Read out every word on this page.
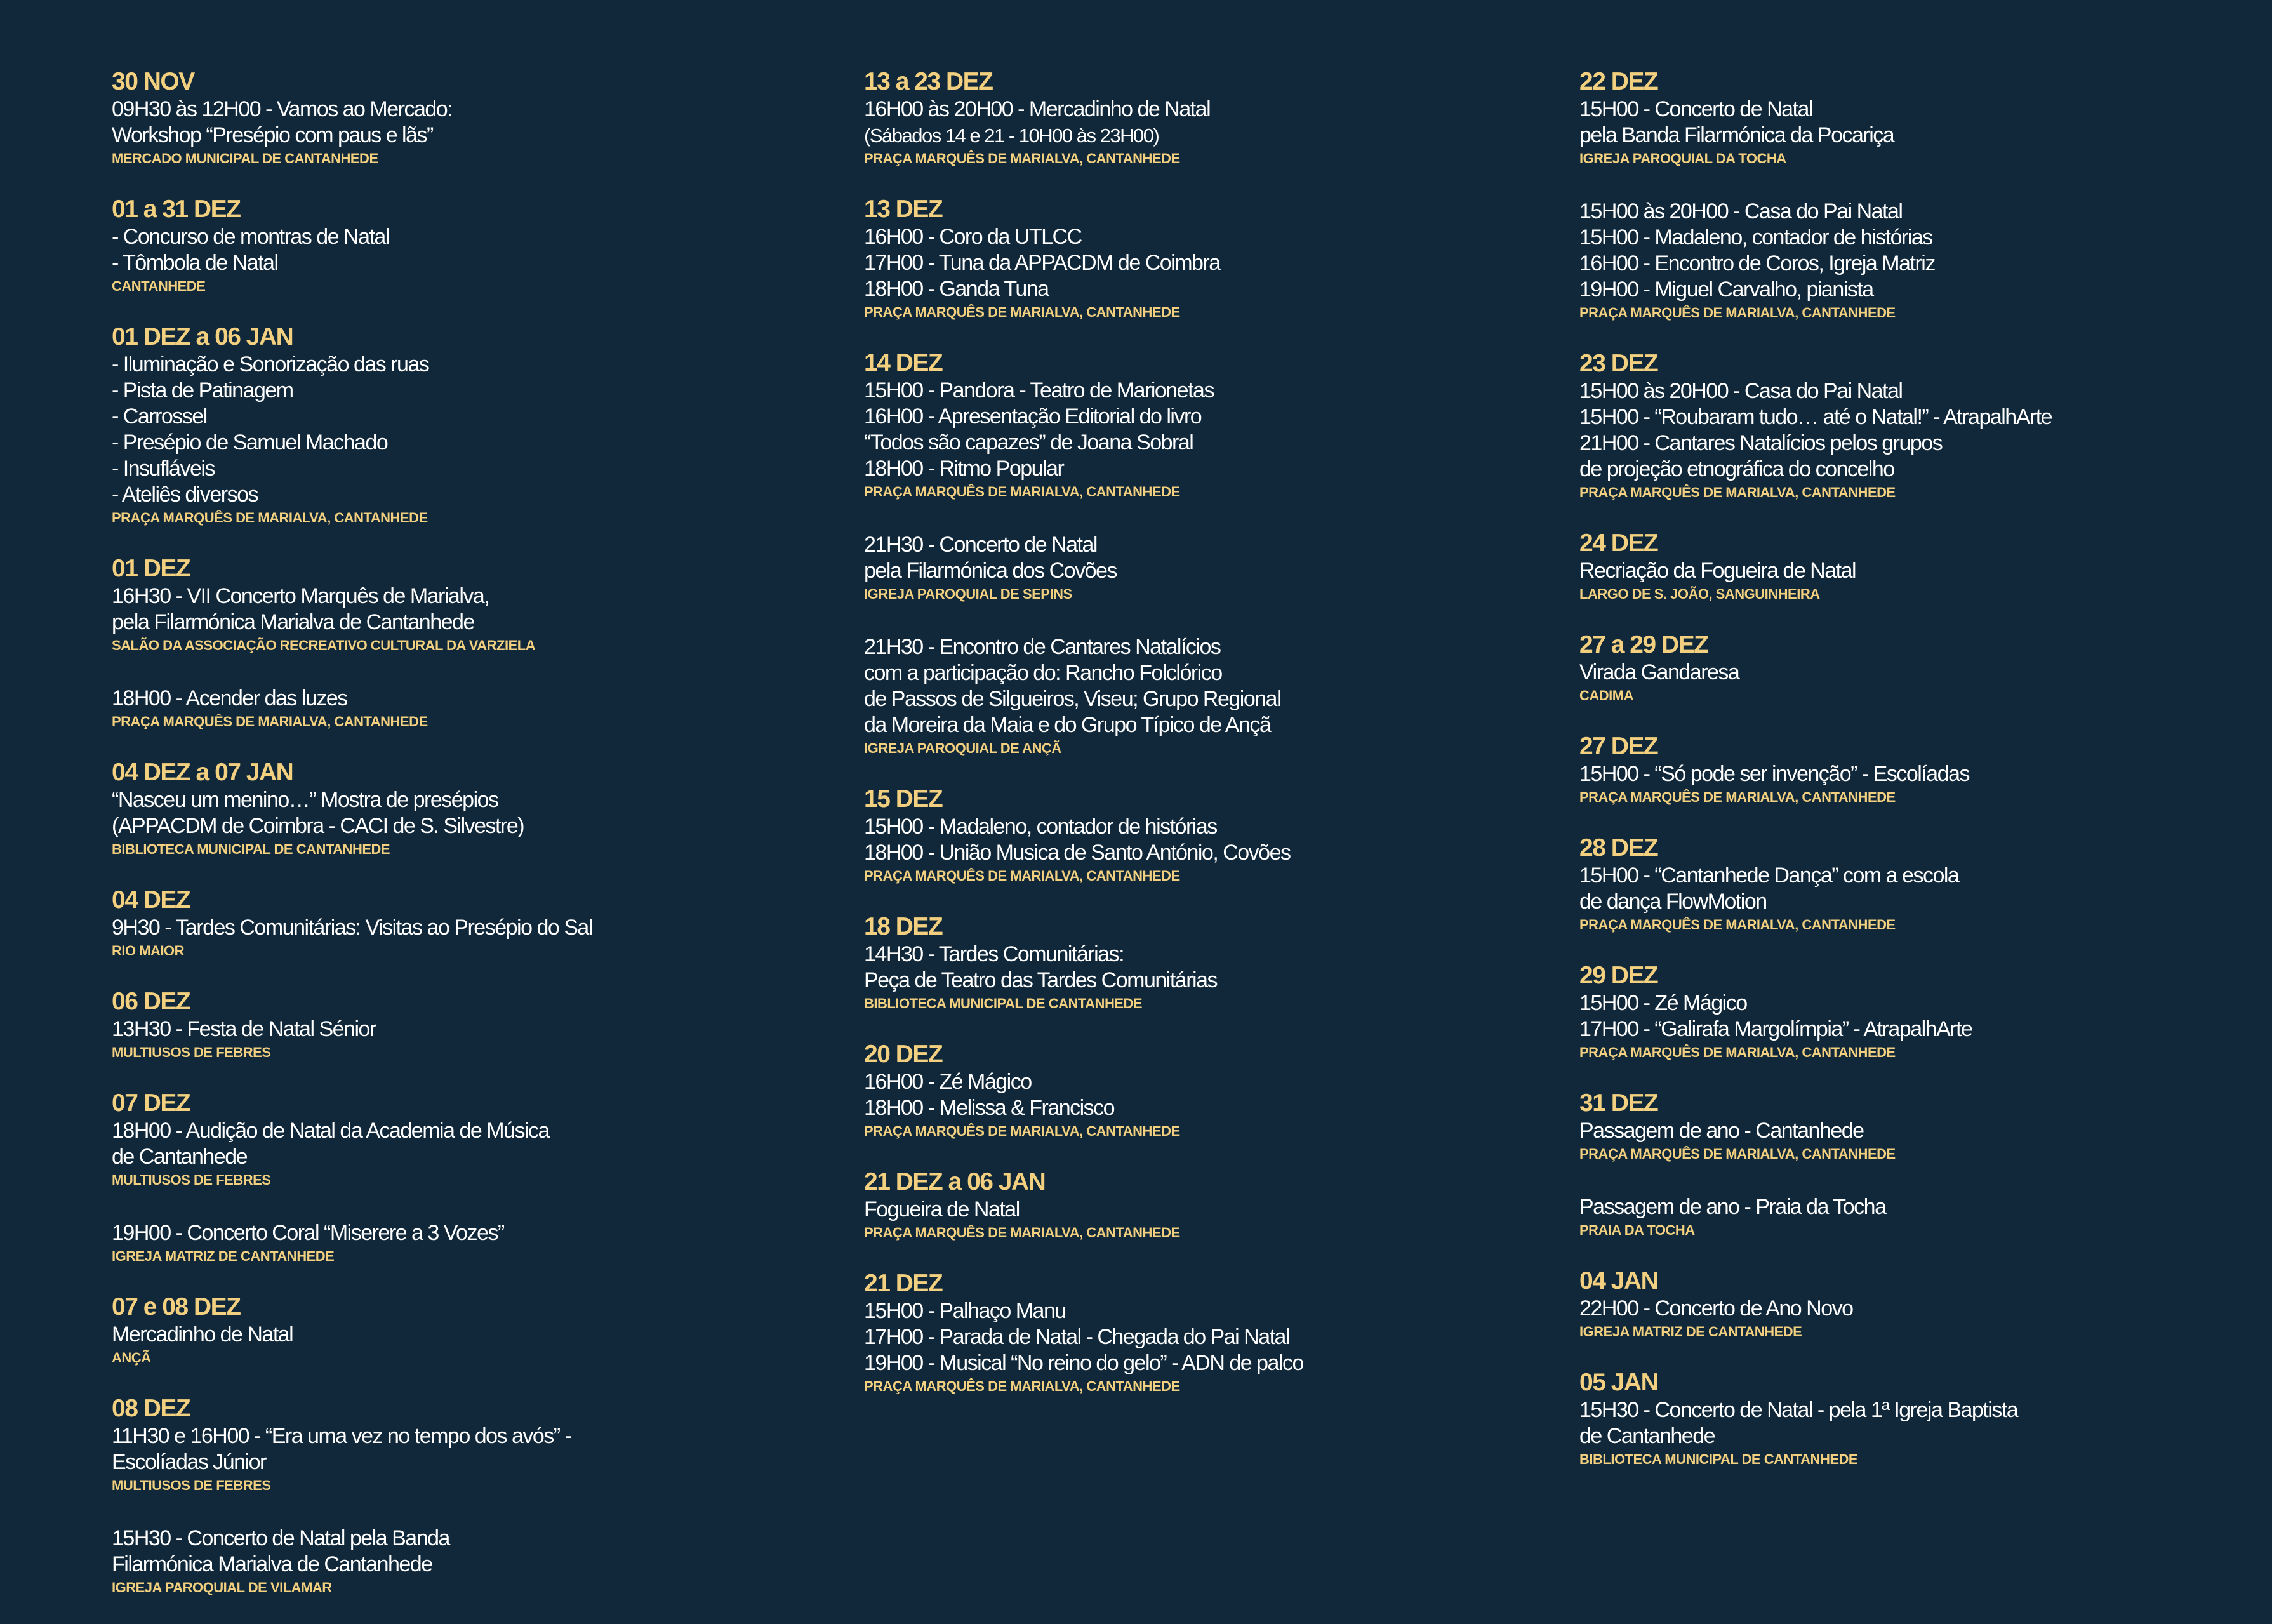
30 NOV
09H30 às 12H00 - Vamos ao Mercado:
Workshop “Presépio com paus e lãs”
MERCADO MUNICIPAL DE CANTANHEDE
01 a 31 DEZ
- Concurso de montras de Natal
- Tômbola de Natal
CANTANHEDE
01 DEZ a 06 JAN
- Iluminação e Sonorização das ruas
- Pista de Patinagem
- Carrossel
- Presépio de Samuel Machado
- Insufláveis
- Ateliês diversos
PRAÇA MARQUÊS DE MARIALVA, CANTANHEDE
01 DEZ
16H30 - VII Concerto Marquês de Marialva,
pela Filarmónica Marialva de Cantanhede
SALÃO DA ASSOCIAÇÃO RECREATIVO CULTURAL DA VARZIELA
18H00 - Acender das luzes
PRAÇA MARQUÊS DE MARIALVA, CANTANHEDE
04 DEZ a 07 JAN
“Nasceu um menino…” Mostra de presépios
(APPACDM de Coimbra - CACI de S. Silvestre)
BIBLIOTECA MUNICIPAL DE CANTANHEDE
04 DEZ
9H30 - Tardes Comunitárias: Visitas ao Presépio do Sal
RIO MAIOR
06 DEZ
13H30 - Festa de Natal Sénior
MULTIUSOS DE FEBRES
07 DEZ
18H00 - Audição de Natal da Academia de Música
de Cantanhede
MULTIUSOS DE FEBRES
19H00 - Concerto Coral “Miserere a 3 Vozes”
IGREJA MATRIZ DE CANTANHEDE
07 e 08 DEZ
Mercadinho de Natal
ANÇÃ
08 DEZ
11H30 e 16H00 - “Era uma vez no tempo dos avós” -
Escolíadas Júnior
MULTIUSOS DE FEBRES
15H30 - Concerto de Natal pela Banda
Filarmónica Marialva de Cantanhede
IGREJA PAROQUIAL DE VILAMAR
13 a 23 DEZ
16H00 às 20H00 - Mercadinho de Natal
(Sábados 14 e 21 - 10H00 às 23H00)
PRAÇA MARQUÊS DE MARIALVA, CANTANHEDE
13 DEZ
16H00 - Coro da UTLCC
17H00 - Tuna da APPACDM de Coimbra
18H00 - Ganda Tuna
PRAÇA MARQUÊS DE MARIALVA, CANTANHEDE
14 DEZ
15H00 - Pandora - Teatro de Marionetas
16H00 - Apresentação Editorial do livro
“Todos são capazes” de Joana Sobral
18H00 - Ritmo Popular
PRAÇA MARQUÊS DE MARIALVA, CANTANHEDE
21H30 - Concerto de Natal
pela Filarmónica dos Covões
IGREJA PAROQUIAL DE SEPINS
21H30 - Encontro de Cantares Natalícios
com a participação do: Rancho Folclórico
de Passos de Silgueiros, Viseu; Grupo Regional
da Moreira da Maia e do Grupo Típico de Ançã
IGREJA PAROQUIAL DE ANÇÃ
15 DEZ
15H00 - Madaleno, contador de histórias
18H00 - União Musica de Santo António, Covões
PRAÇA MARQUÊS DE MARIALVA, CANTANHEDE
18 DEZ
14H30 - Tardes Comunitárias:
Peça de Teatro das Tardes Comunitárias
BIBLIOTECA MUNICIPAL DE CANTANHEDE
20 DEZ
16H00 - Zé Mágico
18H00 - Melissa & Francisco
PRAÇA MARQUÊS DE MARIALVA, CANTANHEDE
21 DEZ a 06 JAN
Fogueira de Natal
PRAÇA MARQUÊS DE MARIALVA, CANTANHEDE
21 DEZ
15H00 - Palhaço Manu
17H00 - Parada de Natal - Chegada do Pai Natal
19H00 - Musical “No reino do gelo” - ADN de palco
PRAÇA MARQUÊS DE MARIALVA, CANTANHEDE
22 DEZ
15H00 - Concerto de Natal
pela Banda Filarmónica da Pocariça
IGREJA PAROQUIAL DA TOCHA
15H00 às 20H00 - Casa do Pai Natal
15H00 - Madaleno, contador de histórias
16H00 - Encontro de Coros, Igreja Matriz
19H00 - Miguel Carvalho, pianista
PRAÇA MARQUÊS DE MARIALVA, CANTANHEDE
23 DEZ
15H00 às 20H00 - Casa do Pai Natal
15H00 - “Roubaram tudo… até o Natal!” - AtrapalhArte
21H00 - Cantares Natalícios pelos grupos
de projeção etnográfica do concelho
PRAÇA MARQUÊS DE MARIALVA, CANTANHEDE
24 DEZ
Recriação da Fogueira de Natal
LARGO DE S. JOÃO, SANGUINHEIRA
27 a 29 DEZ
Virada Gandaresa
CADIMA
27 DEZ
15H00 - “Só pode ser invenção” - Escolíadas
PRAÇA MARQUÊS DE MARIALVA, CANTANHEDE
28 DEZ
15H00 - “Cantanhede Dança” com a escola
de dança FlowMotion
PRAÇA MARQUÊS DE MARIALVA, CANTANHEDE
29 DEZ
15H00 - Zé Mágico
17H00 - “Galirafa Margolímpia” - AtrapalhArte
PRAÇA MARQUÊS DE MARIALVA, CANTANHEDE
31 DEZ
Passagem de ano - Cantanhede
PRAÇA MARQUÊS DE MARIALVA, CANTANHEDE
Passagem de ano - Praia da Tocha
PRAIA DA TOCHA
04 JAN
22H00 - Concerto de Ano Novo
IGREJA MATRIZ DE CANTANHEDE
05 JAN
15H30 - Concerto de Natal - pela 1ª Igreja Baptista
de Cantanhede
BIBLIOTECA MUNICIPAL DE CANTANHEDE
